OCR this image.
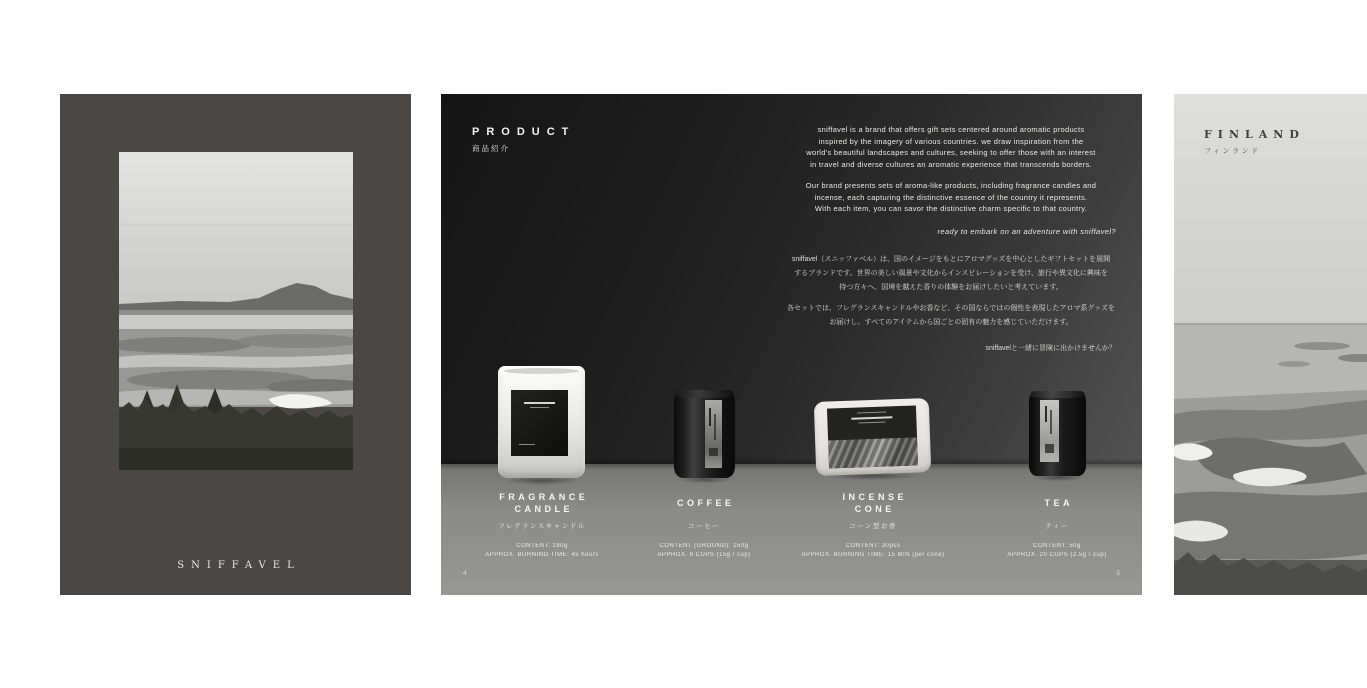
SNIFFAVEL
PRODUCT
商品紹介
sniffavel is a brand that offers gift sets centered around aromatic products
inspired by the imagery of various countries. we draw inspiration from the
world's beautiful landscapes and cultures, seeking to offer those with an interest
in travel and diverse cultures an aromatic experience that transcends borders.
Our brand presents sets of aroma-like products, including fragrance candles and
incense, each capturing the distinctive essence of the country it represents.
With each item, you can savor the distinctive charm specific to that country.
ready to embark on an adventure with sniffavel?
sniffavel（スニッファベル）は、国のイメージをもとにアロマグッズを中心としたギフトセットを展開
するブランドです。世界の美しい風景や文化からインスピレーションを受け、旅行や異文化に興味を
持つ方々へ、国境を越えた香りの体験をお届けしたいと考えています。
各セットでは、フレグランスキャンドルやお香など、その国ならではの個性を表現したアロマ系グッズを
お届けし、すべてのアイテムから国ごとの固有の魅力を感じていただけます。
sniffavelと一緒に冒険に出かけませんか？
FRAGRANCE
CANDLE
フレグランスキャンドル
CONTENT: 190g
APPROX. BURNING TIME: 45 hours
COFFEE
コーヒー
CONTENT (GROUND): 150g
APPROX. 8 CUPS (15g / cup)
INCENSE
CONE
コーン型お香
CONTENT: 30pcs
APPROX. BURNING TIME: 15 MIN (per cone)
TEA
ティー
CONTENT: 50g
APPROX. 20 CUPS (2.5g / cup)
4	5
FINLAND
フィンランド
